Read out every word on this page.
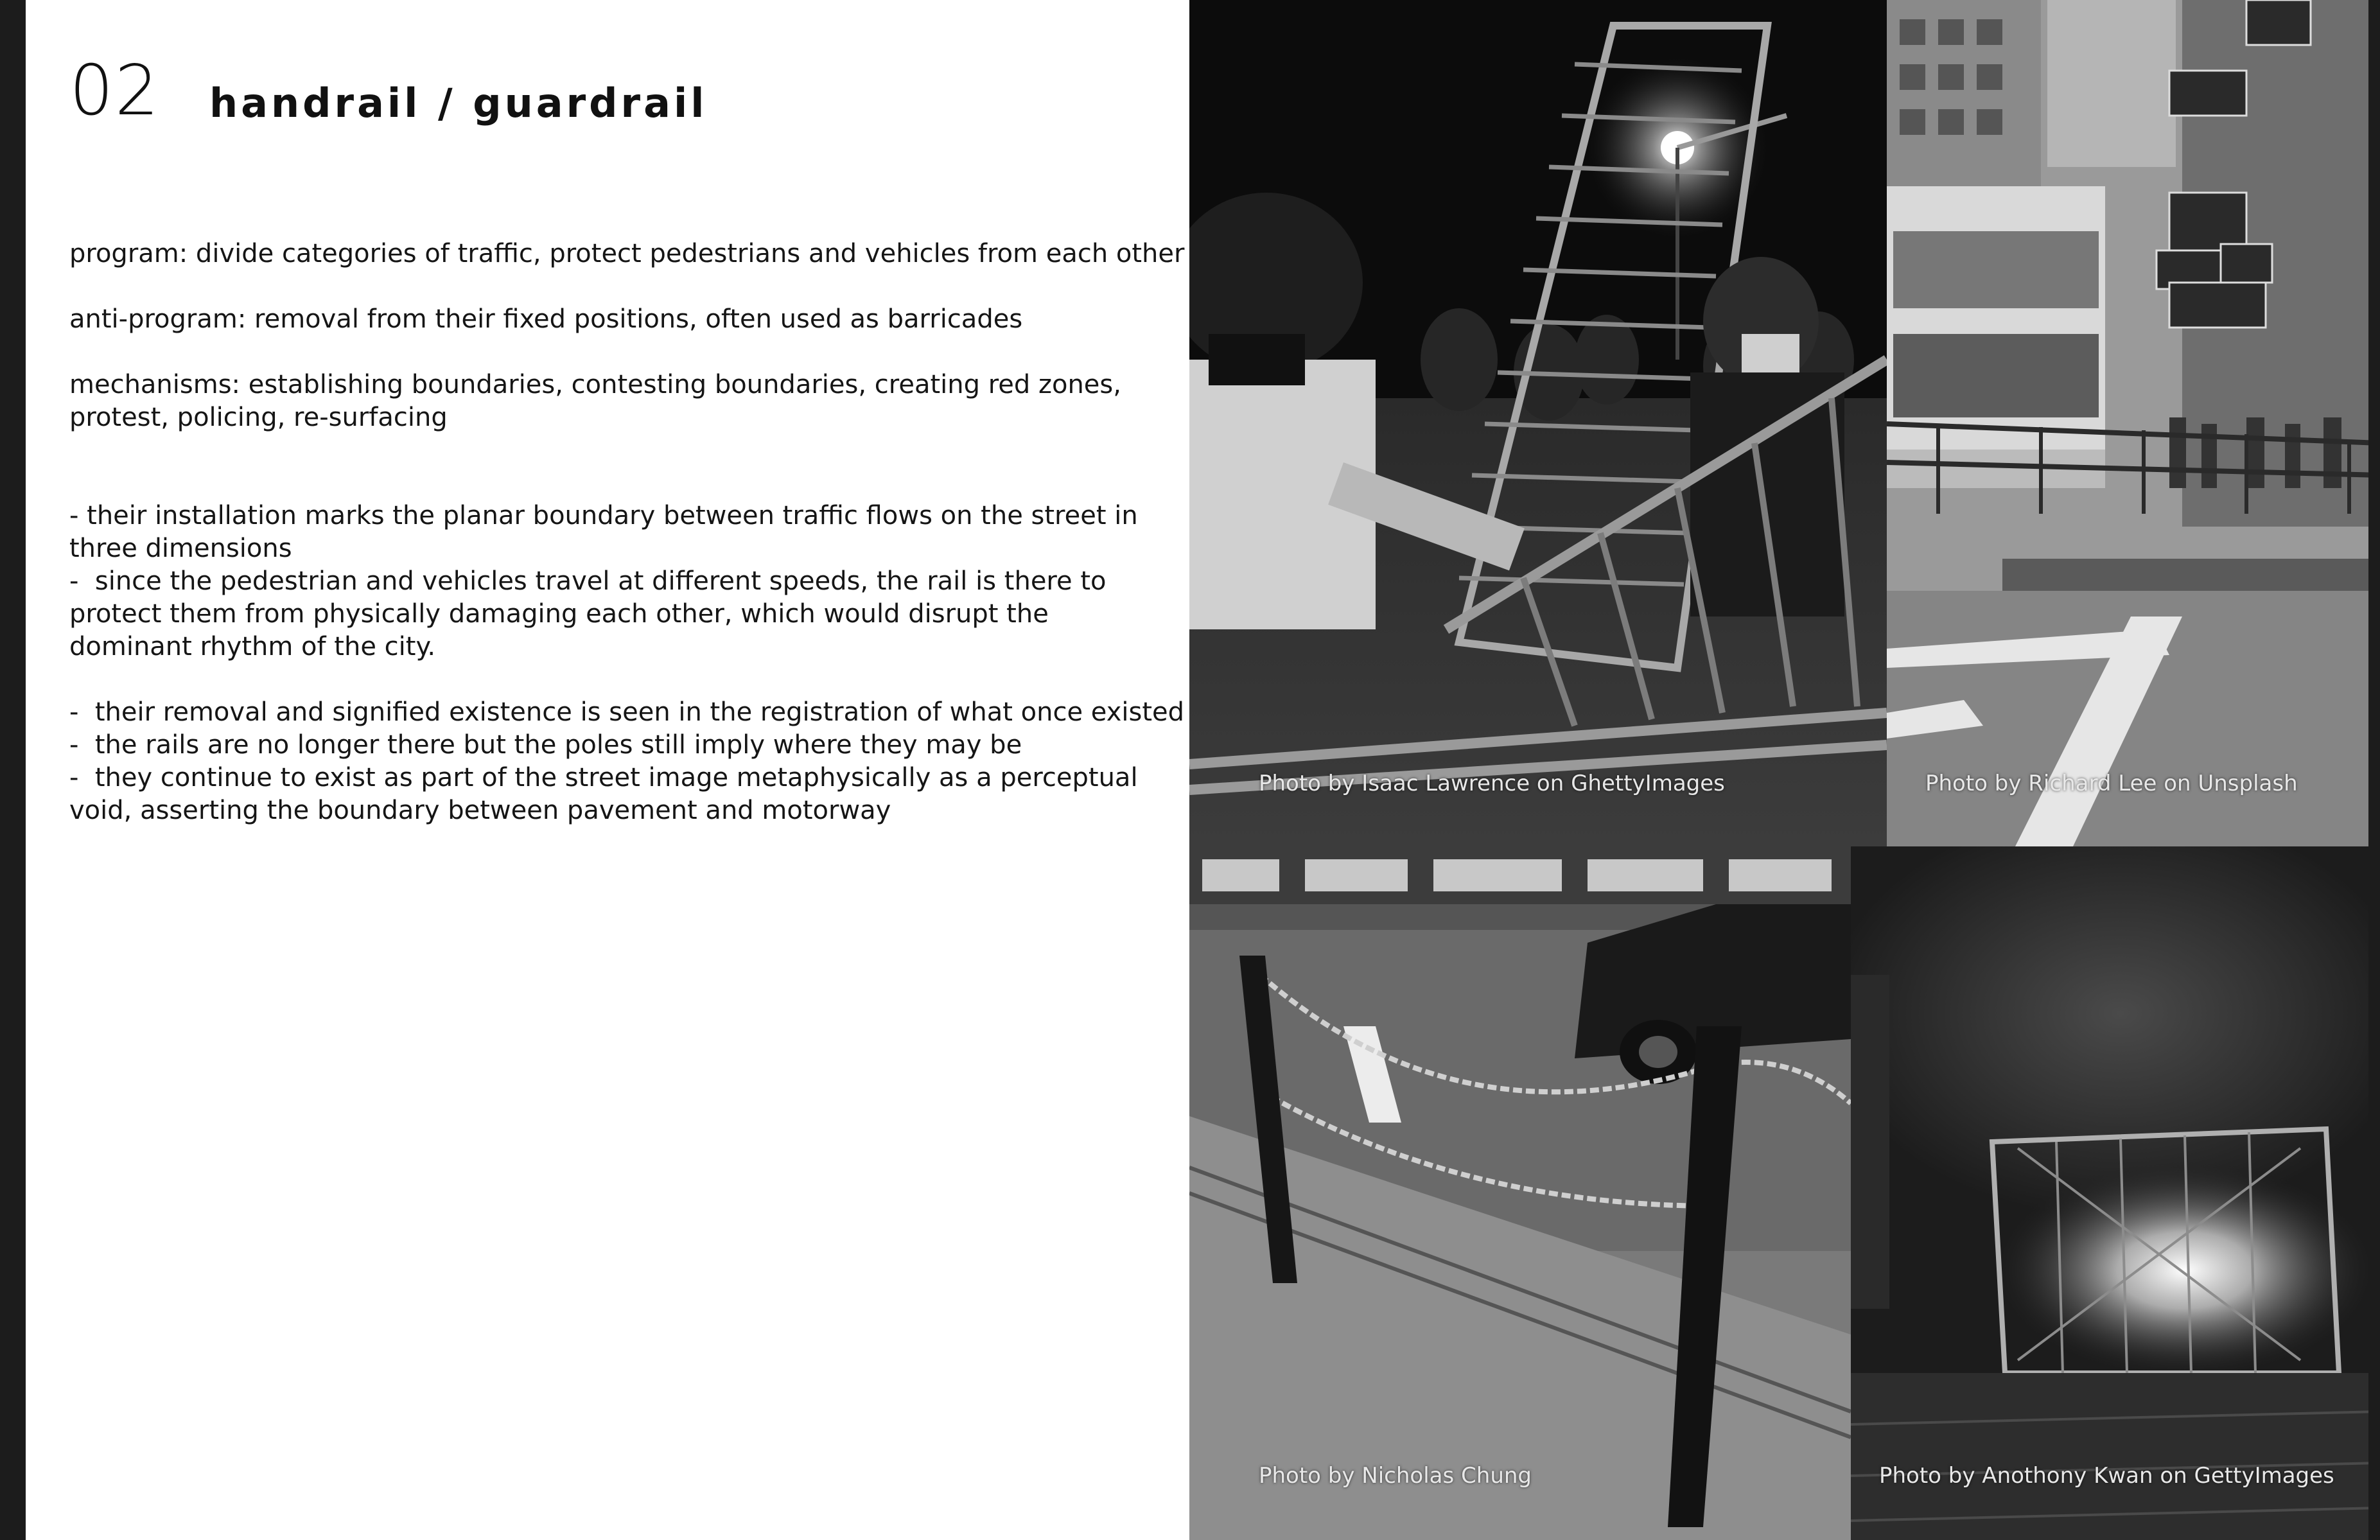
02 handrail / guardrail
program: divide categories of traffic, protect pedestrians and vehicles from each other
anti-program: removal from their fixed positions, often used as barricades
mechanisms: establishing boundaries, contesting boundaries, creating red zones,
protest, policing, re-surfacing
- their installation marks the planar boundary between traffic flows on the street in
three dimensions
-  since the pedestrian and vehicles travel at different speeds, the rail is there to
protect them from physically damaging each other, which would disrupt the
dominant rhythm of the city.
-  their removal and signified existence is seen in the registration of what once existed
-  the rails are no longer there but the poles still imply where they may be
-  they continue to exist as part of the street image metaphysically as a perceptual
void, asserting the boundary between pavement and motorway
Photo by Isaac Lawrence on GhettyImages	Photo by Richard Lee on Unsplash
Photo by Nicholas Chung	Photo by Anothony Kwan on GettyImages
